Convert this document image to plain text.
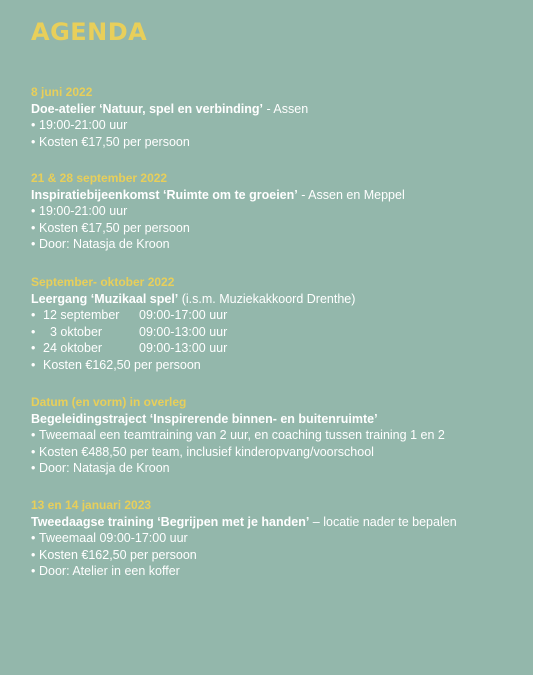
AGENDA
8 juni 2022
Doe-atelier ‘Natuur, spel en verbinding’ - Assen
• 19:00-21:00 uur
• Kosten €17,50 per persoon
21 & 28 september 2022
Inspiratiebijeenkomst ‘Ruimte om te groeien’ - Assen en Meppel
• 19:00-21:00 uur
• Kosten €17,50 per persoon
• Door: Natasja de Kroon
September- oktober 2022
Leergang ‘Muzikaal spel’ (i.s.m. Muziekakkoord Drenthe)
• 12 september 09:00-17:00 uur
•  3 oktober	09:00-13:00 uur
• 24 oktober	09:00-13:00 uur
• Kosten €162,50 per persoon
Datum (en vorm) in overleg
Begeleidingstraject ‘Inspirerende binnen- en buitenruimte’
• Tweemaal een teamtraining van 2 uur, en coaching tussen training 1 en 2
• Kosten €488,50 per team, inclusief kinderopvang/voorschool
• Door: Natasja de Kroon
13 en 14 januari 2023
Tweedaagse training ‘Begrijpen met je handen’ – locatie nader te bepalen
• Tweemaal 09:00-17:00 uur
• Kosten €162,50 per persoon
• Door: Atelier in een koffer
